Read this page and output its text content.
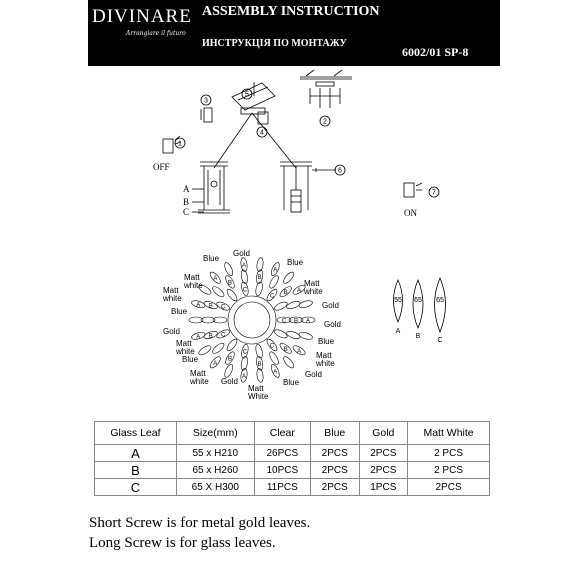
DIVINARE
Arrangiare il futuro
ASSEMBLY INSTRUCTION
ИНСТРУКЦІЯ ПО МОНТАЖУ
6002/01 SP-8
1
2
3
4
5
6
7
OFF
ON
A
B
C
A
A
A
A
A
A
A
A
A
A
A
B
B
B
B
B
B
B
B
B
C
C
C
C
C
C
C
55 65 65
A
B
C
Blue
Gold
Blue
Matt
white	Matt
white
Matt
white
Gold
Blue
Gold
Gold
Blue
Matt
white	Matt
white
Blue
Gold
Matt
white	Blue
Gold
Matt
White
Glass Leaf	Size(mm)	Clear	Blue	Gold	Matt White
A	55 x H210	26PCS	2PCS	2PCS	2 PCS
B	65 x H260	10PCS	2PCS	2PCS	2 PCS
C	65 X H300	11PCS	2PCS	1PCS	2PCS
Short Screw is for metal gold leaves.
Long Screw is for glass leaves.
